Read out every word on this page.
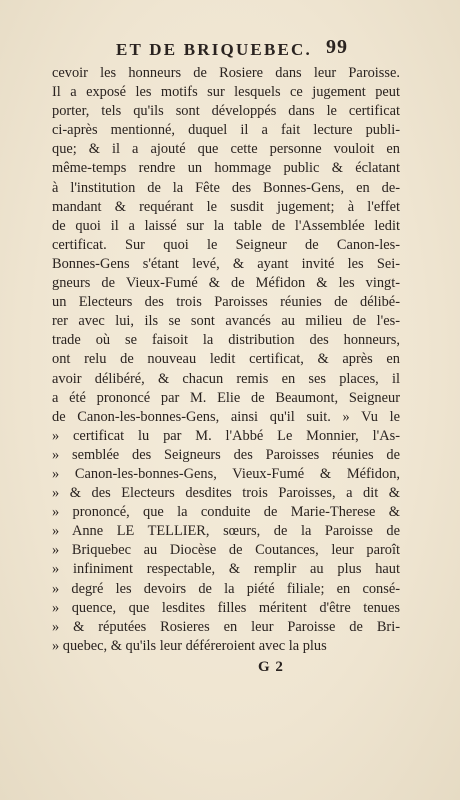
ET DE BRIQUEBEC. 99
cevoir les honneurs de Rosiere dans leur Paroisse.
Il a exposé les motifs sur lesquels ce jugement peut
porter, tels qu'ils sont développés dans le certificat
ci-après mentionné, duquel il a fait lecture publi-
que; & il a ajouté que cette personne vouloit en
même-temps rendre un hommage public & éclatant
à l'institution de la Fête des Bonnes-Gens, en de-
mandant & requérant le susdit jugement; à l'effet
de quoi il a laissé sur la table de l'Assemblée ledit
certificat. Sur quoi le Seigneur de Canon-les-
Bonnes-Gens s'étant levé, & ayant invité les Sei-
gneurs de Vieux-Fumé & de Méfidon & les vingt-
un Electeurs des trois Paroisses réunies de délibé-
rer avec lui, ils se sont avancés au milieu de l'es-
trade où se faisoit la distribution des honneurs,
ont relu de nouveau ledit certificat, & après en
avoir délibéré, & chacun remis en ses places, il
a été prononcé par M. Elie de Beaumont, Seigneur
de Canon-les-bonnes-Gens, ainsi qu'il suit. » Vu le
» certificat lu par M. l'Abbé Le Monnier, l'As-
» semblée des Seigneurs des Paroisses réunies de
» Canon-les-bonnes-Gens, Vieux-Fumé & Méfidon,
» & des Electeurs desdites trois Paroisses, a dit &
» prononcé, que la conduite de Marie-Therese &
» Anne LE TELLIER, sœurs, de la Paroisse de
» Briquebec au Diocèse de Coutances, leur paroît
» infiniment respectable, & remplir au plus haut
» degré les devoirs de la piété filiale; en consé-
» quence, que lesdites filles méritent d'être tenues
» & réputées Rosieres en leur Paroisse de Bri-
» quebec, & qu'ils leur déféreroient avec la plus
G 2
